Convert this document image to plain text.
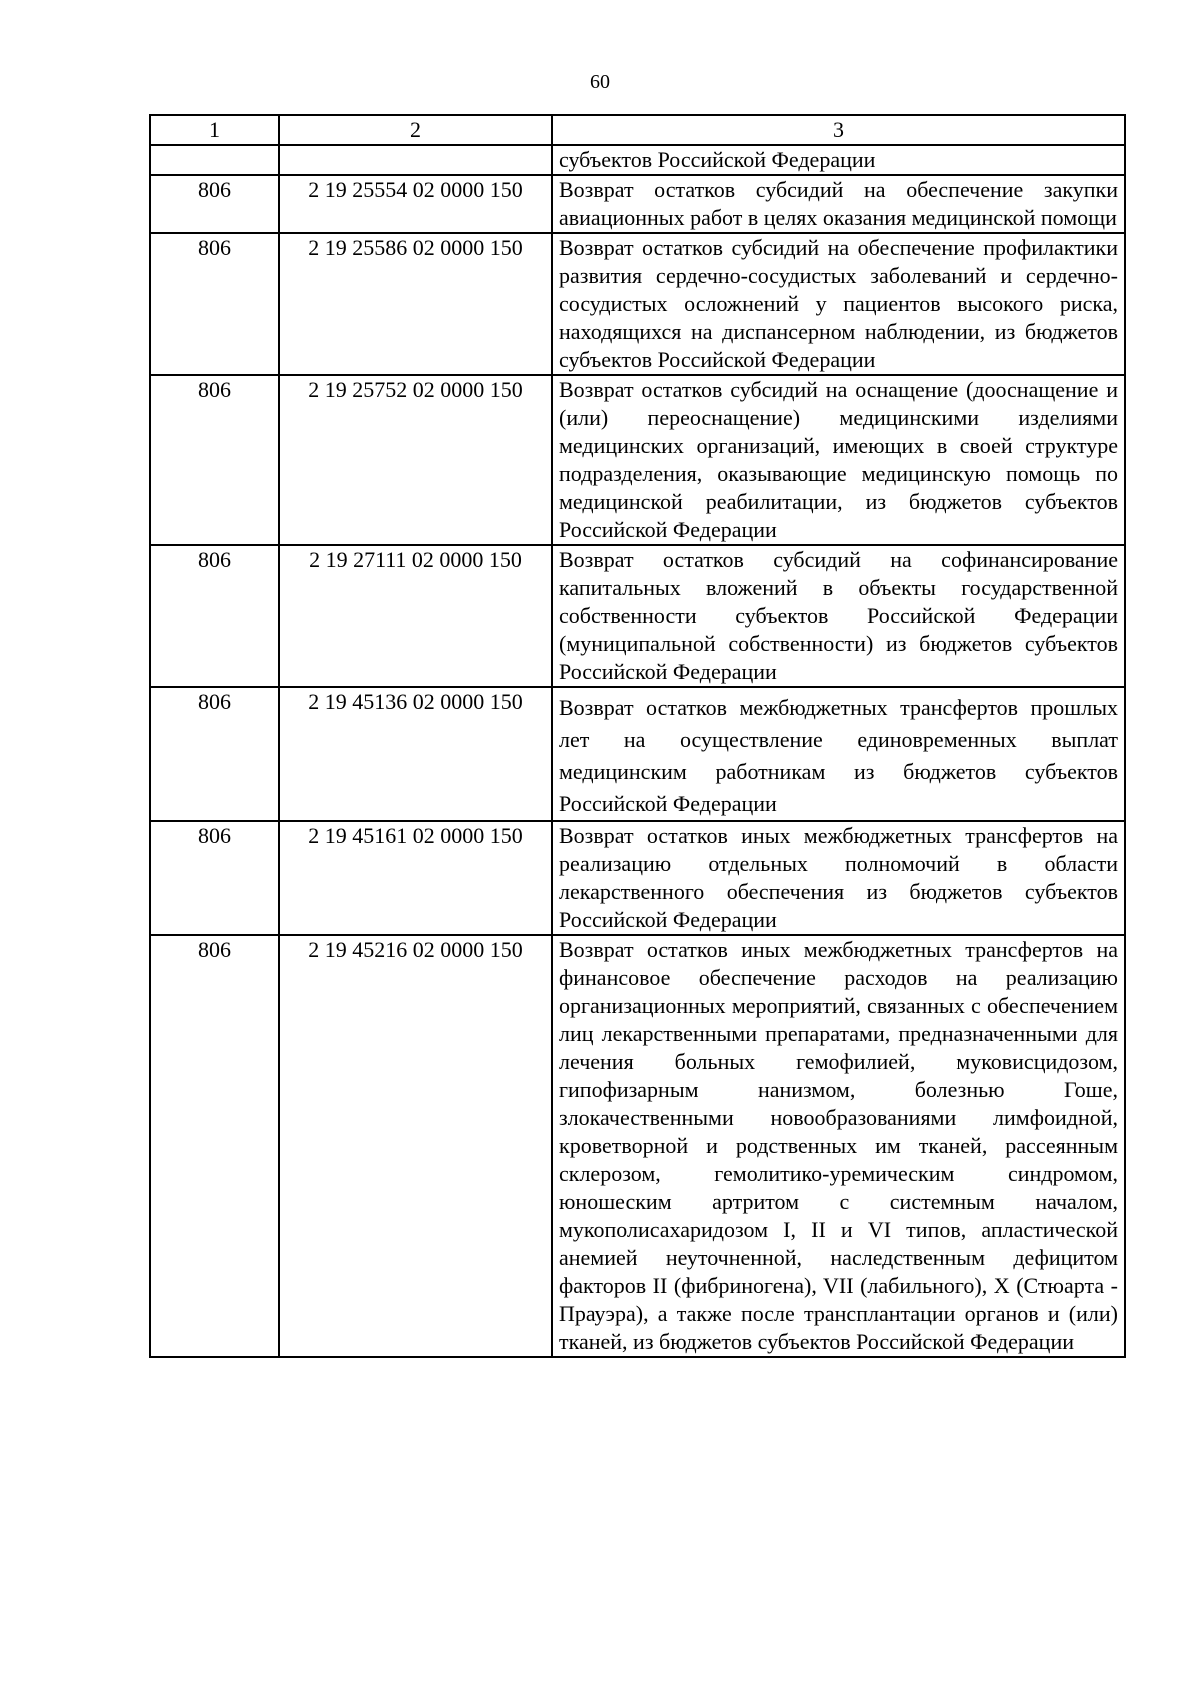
60
1	2	3
		субъектов Российской Федерации
806	2 19 25554 02 0000 150	Возврат остатков субсидий на обеспечение закупки авиационных работ в целях оказания медицинской помощи
806	2 19 25586 02 0000 150	Возврат остатков субсидий на обеспечение профилактики развития сердечно-сосудистых заболеваний и сердечно-сосудистых осложнений у пациентов высокого риска, находящихся на диспансерном наблюдении, из бюджетов субъектов Российской Федерации
806	2 19 25752 02 0000 150	Возврат остатков субсидий на оснащение (дооснащение и (или) переоснащение) медицинскими изделиями медицинских организаций, имеющих в своей структуре подразделения, оказывающие медицинскую помощь по медицинской реабилитации, из бюджетов субъектов Российской Федерации
806	2 19 27111 02 0000 150	Возврат остатков субсидий на софинансирование капитальных вложений в объекты государственной собственности субъектов Российской Федерации (муниципальной собственности) из бюджетов субъектов Российской Федерации
806	2 19 45136 02 0000 150	Возврат остатков межбюджетных трансфертов прошлых лет на осуществление единовременных выплат медицинским работникам из бюджетов субъектов Российской Федерации
806	2 19 45161 02 0000 150	Возврат остатков иных межбюджетных трансфертов на реализацию отдельных полномочий в области лекарственного обеспечения из бюджетов субъектов Российской Федерации
806	2 19 45216 02 0000 150	Возврат остатков иных межбюджетных трансфертов на финансовое обеспечение расходов на реализацию организационных мероприятий, связанных с обеспечением лиц лекарственными препаратами, предназначенными для лечения больных гемофилией, муковисцидозом, гипофизарным нанизмом, болезнью Гоше, злокачественными новообразованиями лимфоидной, кроветворной и родственных им тканей, рассеянным склерозом, гемолитико-уремическим синдромом, юношеским артритом с системным началом, мукополисахаридозом I, II и VI типов, апластической анемией неуточненной, наследственным дефицитом факторов II (фибриногена), VII (лабильного), X (Стюарта - Прауэра), а также после трансплантации органов и (или) тканей, из бюджетов субъектов Российской Федерации
